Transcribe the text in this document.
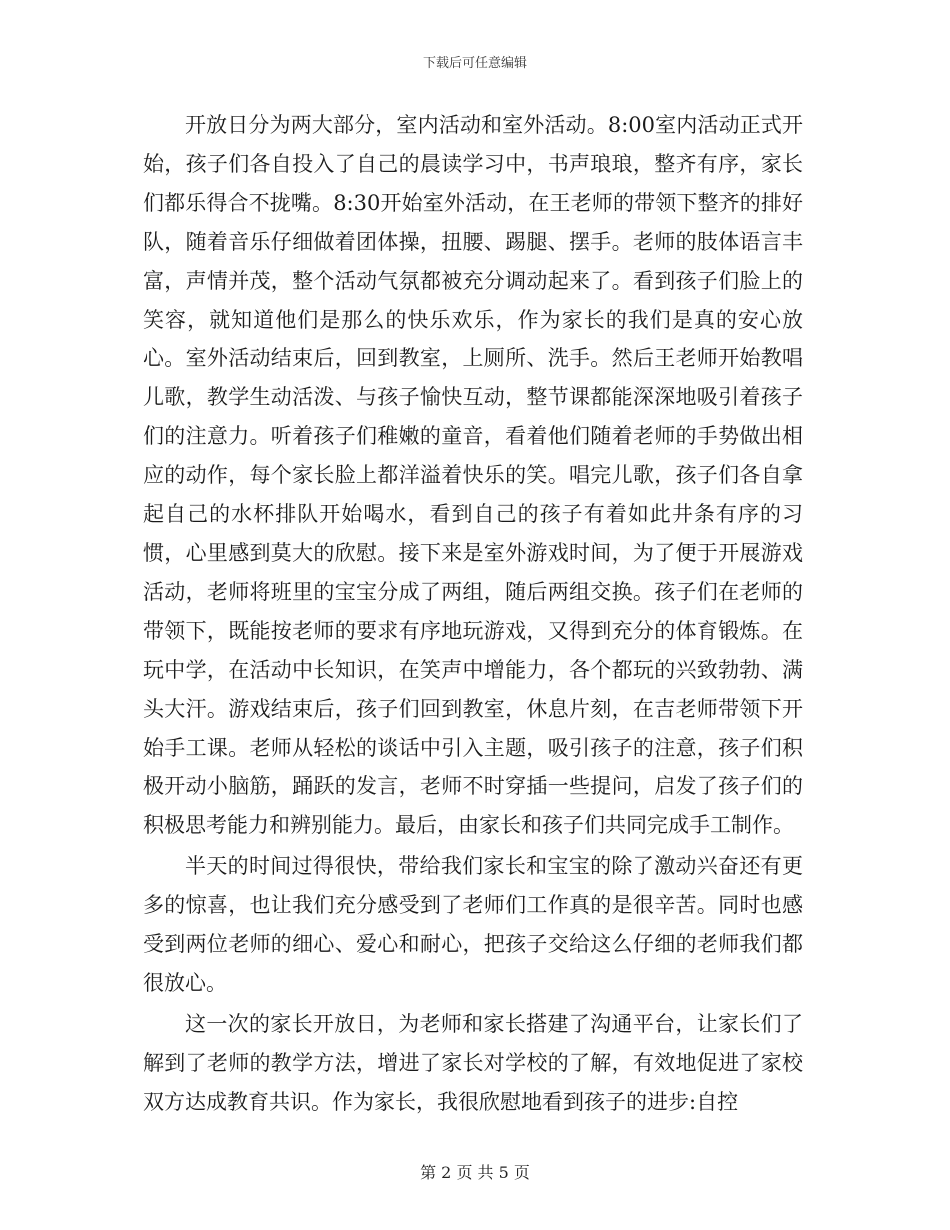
下载后可任意编辑

开放日分为两大部分，室内活动和室外活动。8:00室内活动正式开始，孩子们各自投入了自己的晨读学习中，书声琅琅，整齐有序，家长们都乐得合不拢嘴。8:30开始室外活动，在王老师的带领下整齐的排好队，随着音乐仔细做着团体操，扭腰、踢腿、摆手。老师的肢体语言丰富，声情并茂，整个活动气氛都被充分调动起来了。看到孩子们脸上的笑容，就知道他们是那么的快乐欢乐，作为家长的我们是真的安心放心。室外活动结束后，回到教室，上厕所、洗手。然后王老师开始教唱儿歌，教学生动活泼、与孩子愉快互动，整节课都能深深地吸引着孩子们的注意力。听着孩子们稚嫩的童音，看着他们随着老师的手势做出相应的动作，每个家长脸上都洋溢着快乐的笑。唱完儿歌，孩子们各自拿起自己的水杯排队开始喝水，看到自己的孩子有着如此井条有序的习惯，心里感到莫大的欣慰。接下来是室外游戏时间，为了便于开展游戏活动，老师将班里的宝宝分成了两组，随后两组交换。孩子们在老师的带领下，既能按老师的要求有序地玩游戏，又得到充分的体育锻炼。在玩中学，在活动中长知识，在笑声中增能力，各个都玩的兴致勃勃、满头大汗。游戏结束后，孩子们回到教室，休息片刻，在吉老师带领下开始手工课。老师从轻松的谈话中引入主题，吸引孩子的注意，孩子们积极开动小脑筋，踊跃的发言，老师不时穿插一些提问，启发了孩子们的积极思考能力和辨别能力。最后，由家长和孩子们共同完成手工制作。

半天的时间过得很快，带给我们家长和宝宝的除了激动兴奋还有更多的惊喜，也让我们充分感受到了老师们工作真的是很辛苦。同时也感受到两位老师的细心、爱心和耐心，把孩子交给这么仔细的老师我们都很放心。

这一次的家长开放日，为老师和家长搭建了沟通平台，让家长们了解到了老师的教学方法，增进了家长对学校的了解，有效地促进了家校双方达成教育共识。作为家长，我很欣慰地看到孩子的进步:自控

第 2 页 共 5 页
